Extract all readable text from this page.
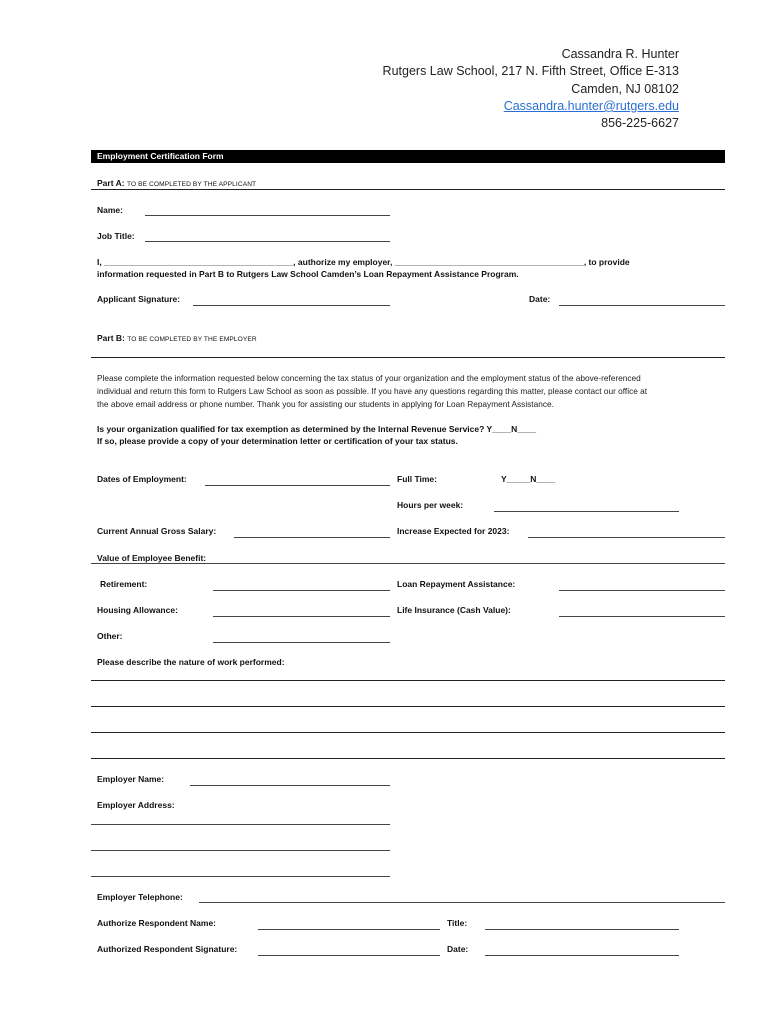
Cassandra R. Hunter
Rutgers Law School, 217 N. Fifth Street, Office E-313
Camden, NJ 08102
Cassandra.hunter@rutgers.edu
856-225-6627
Employment Certification Form
Part A: TO BE COMPLETED BY THE APPLICANT
Name:
Job Title:
I, ________________________________________, authorize my employer, ________________________________________, to provide
information requested in Part B to Rutgers Law School Camden’s Loan Repayment Assistance Program.
Applicant Signature:	Date:
Part B: TO BE COMPLETED BY THE EMPLOYER
Please complete the information requested below concerning the tax status of your organization and the employment status of the above-referenced
individual and return this form to Rutgers Law School as soon as possible. If you have any questions regarding this matter, please contact our office at
the above email address or phone number. Thank you for assisting our students in applying for Loan Repayment Assistance.
Is your organization qualified for tax exemption as determined by the Internal Revenue Service? Y____N____
If so, please provide a copy of your determination letter or certification of your tax status.
Dates of Employment:	Full Time:	Y_____N____
Hours per week:
Current Annual Gross Salary:	Increase Expected for 2023:
Value of Employee Benefit:
Retirement:	Loan Repayment Assistance:
Housing Allowance:	Life Insurance (Cash Value):
Other:
Please describe the nature of work performed:
Employer Name:
Employer Address:
Employer Telephone:
Authorize Respondent Name:	Title:
Authorized Respondent Signature:	Date:
